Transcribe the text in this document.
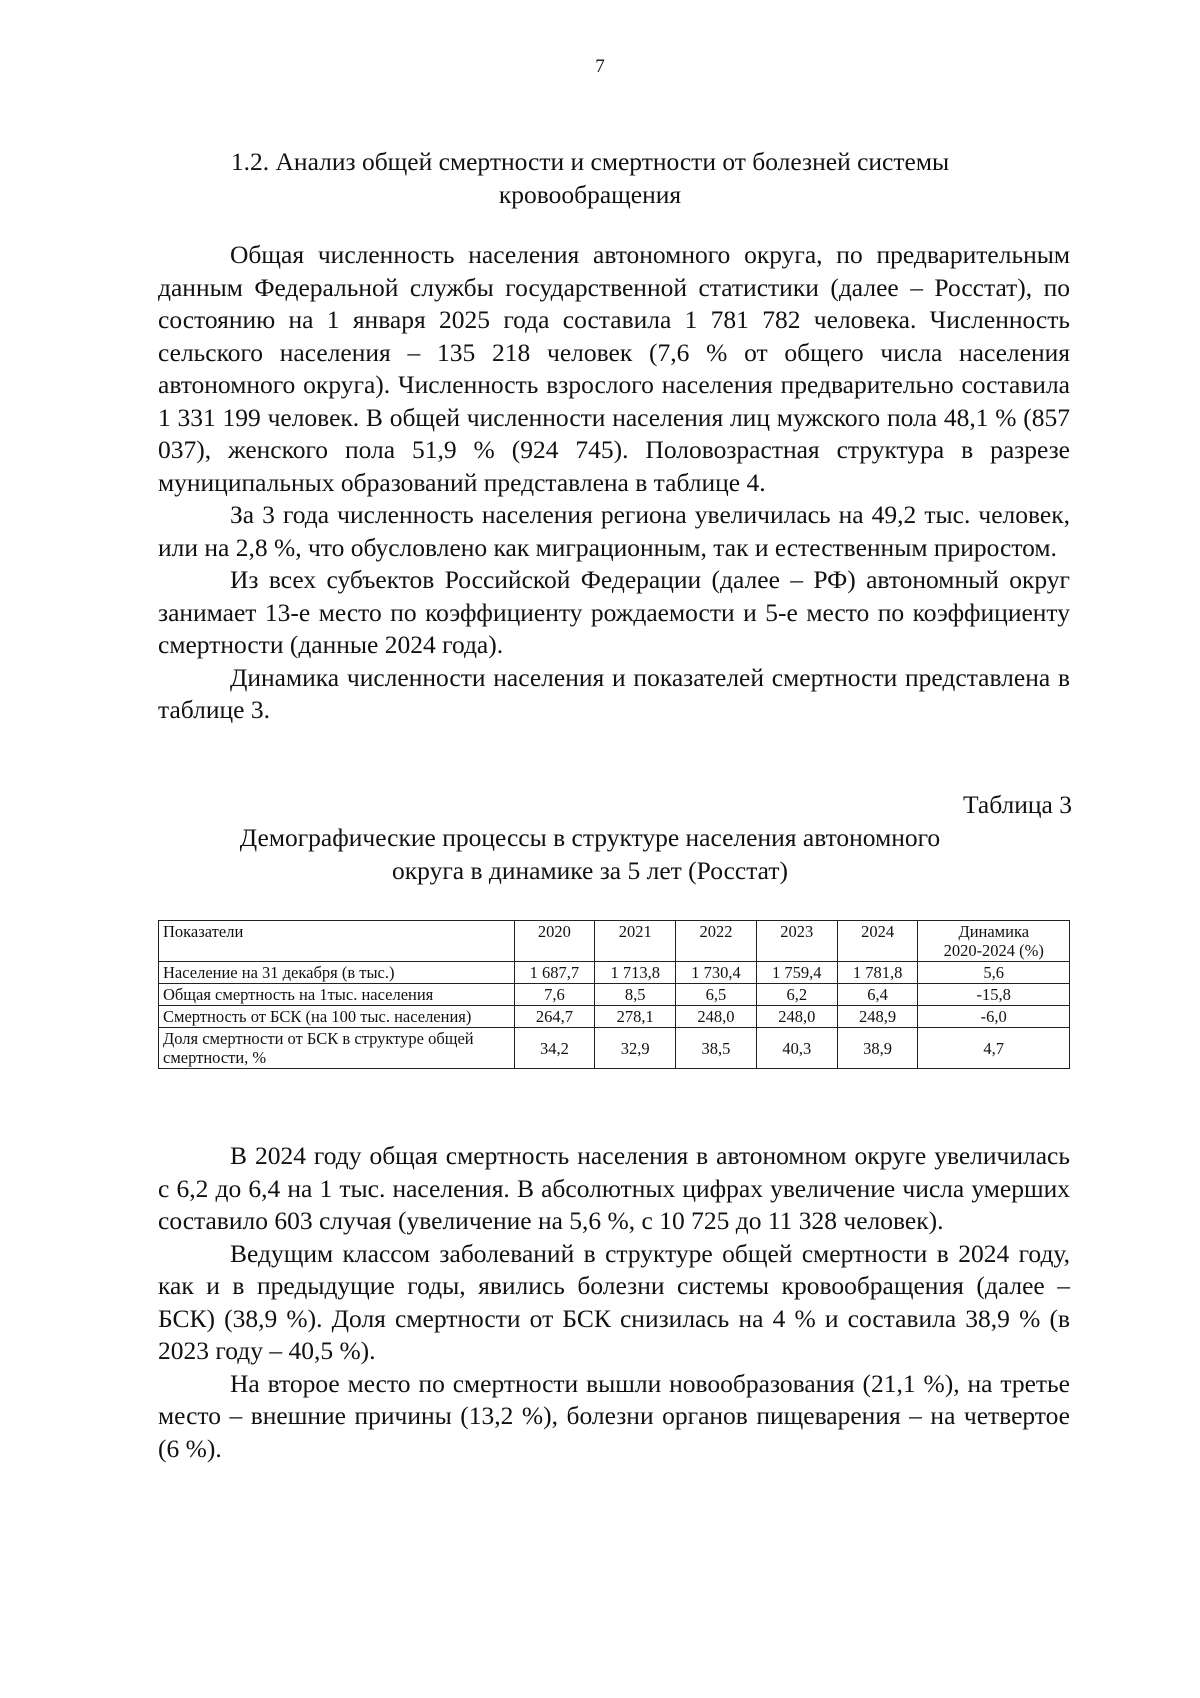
7
1.2. Анализ общей смертности и смертности от болезней системы
кровообращения

Общая численность населения автономного округа, по предварительным данным Федеральной службы государственной статистики (далее – Росстат), по состоянию на 1 января 2025 года составила 1 781 782 человека. Численность сельского населения – 135 218 человек (7,6 % от общего числа населения автономного округа). Численность взрослого населения предварительно составила 1 331 199 человек. В общей численности населения лиц мужского пола 48,1 % (857 037), женского пола 51,9 % (924 745). Половозрастная структура в разрезе муниципальных образований представлена в таблице 4.

За 3 года численность населения региона увеличилась на 49,2 тыс. человек, или на 2,8 %, что обусловлено как миграционным, так и естественным приростом.

Из всех субъектов Российской Федерации (далее – РФ) автономный округ занимает 13-е место по коэффициенту рождаемости и 5-е место по коэффициенту смертности (данные 2024 года).

Динамика численности населения и показателей смертности представлена в таблице 3.

Таблица 3
Демографические процессы в структуре населения автономного
округа в динамике за 5 лет (Росстат)
Показатели	2020	2021	2022	2023	2024	Динамика
2020-2024 (%)

Население на 31 декабря (в тыс.)	1 687,7	1 713,8	1 730,4	1 759,4	1 781,8	5,6
Общая смертность на 1тыс. населения	7,6	8,5	6,5	6,2	6,4	-15,8
Смертность от БСК (на 100 тыс. населения)	264,7	278,1	248,0	248,0	248,9	-6,0
Доля смертности от БСК в структуре общей смертности, %	34,2	32,9	38,5	40,3	38,9	4,7

В 2024 году общая смертность населения в автономном округе увеличилась с 6,2 до 6,4 на 1 тыс. населения. В абсолютных цифрах увеличение числа умерших составило 603 случая (увеличение на 5,6 %, с 10 725 до 11 328 человек).

Ведущим классом заболеваний в структуре общей смертности в 2024 году, как и в предыдущие годы, явились болезни системы кровообращения (далее – БСК) (38,9 %). Доля смертности от БСК снизилась на 4 % и составила 38,9 % (в 2023 году – 40,5 %).

На второе место по смертности вышли новообразования (21,1 %), на третье место – внешние причины (13,2 %), болезни органов пищеварения – на четвертое (6 %).
